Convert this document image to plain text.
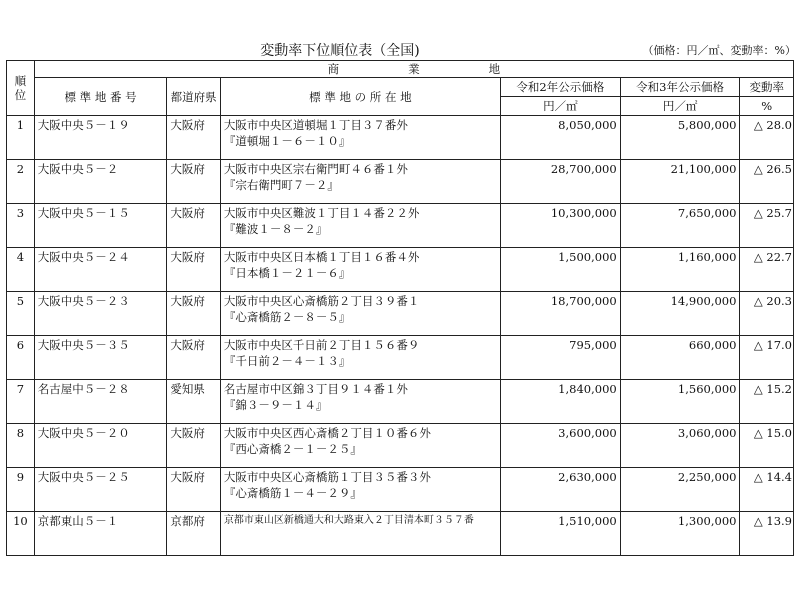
変動率下位順位表（全国)	（価格：円／㎡、変動率：%）
順位	商　　　　　　業　　　　　　地					
	標 準 地 番 号	都道府県	標 準 地 の 所 在 地	令和2年公示価格	令和3年公示価格	変動率
				円／㎡	円／㎡	%
1	大阪中央５－１９	大阪府	大阪市中央区道頓堀１丁目３７番外
『道頓堀１－６－１０』	8,050,000	5,800,000	△ 28.0
2	大阪中央５－２	大阪府	大阪市中央区宗右衛門町４６番１外
『宗右衛門町７－２』	28,700,000	21,100,000	△ 26.5
3	大阪中央５－１５	大阪府	大阪市中央区難波１丁目１４番２２外
『難波１－８－２』	10,300,000	7,650,000	△ 25.7
4	大阪中央５－２４	大阪府	大阪市中央区日本橋１丁目１６番４外
『日本橋１－２１－６』	1,500,000	1,160,000	△ 22.7
5	大阪中央５－２３	大阪府	大阪市中央区心斎橋筋２丁目３９番１
『心斎橋筋２－８－５』	18,700,000	14,900,000	△ 20.3
6	大阪中央５－３５	大阪府	大阪市中央区千日前２丁目１５６番９
『千日前２－４－１３』	795,000	660,000	△ 17.0
7	名古屋中５－２８	愛知県	名古屋市中区錦３丁目９１４番１外
『錦３－９－１４』	1,840,000	1,560,000	△ 15.2
8	大阪中央５－２０	大阪府	大阪市中央区西心斎橋２丁目１０番６外
『西心斎橋２－１－２５』	3,600,000	3,060,000	△ 15.0
9	大阪中央５－２５	大阪府	大阪市中央区心斎橋筋１丁目３５番３外
『心斎橋筋１－４－２９』	2,630,000	2,250,000	△ 14.4
10	京都東山５－１	京都府	京都市東山区新橋通大和大路東入２丁目清本町３５７番	1,510,000	1,300,000	△ 13.9
